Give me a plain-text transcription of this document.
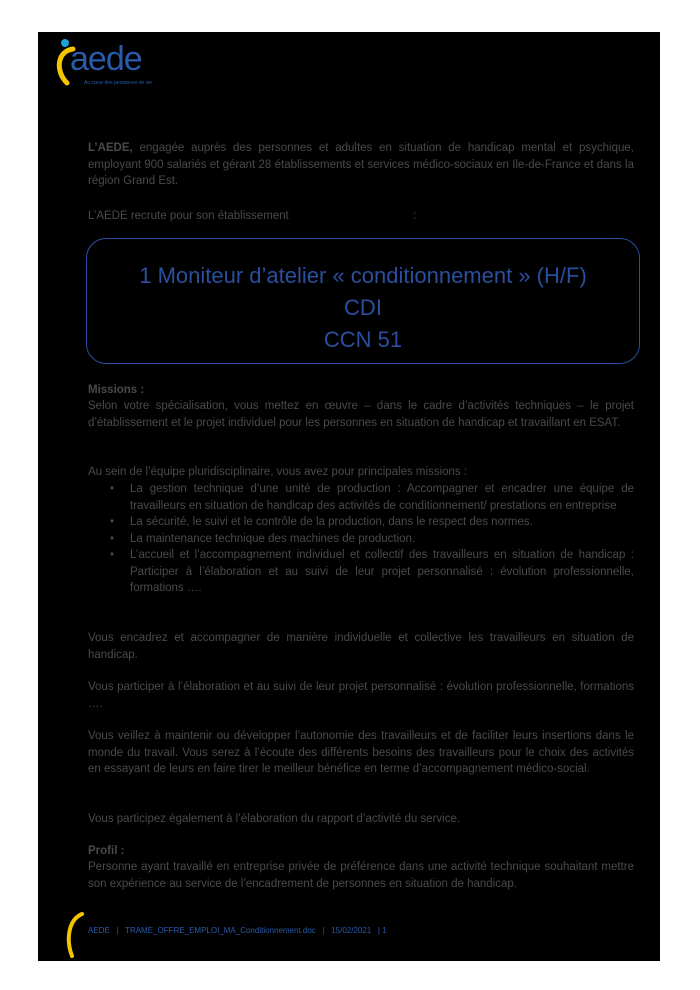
aede
Au cœur des personnes de vie
L’AEDE, engagée auprès des personnes et adultes en situation de handicap mental et psychique, employant 900 salariés et gérant 28 établissements et services médico-sociaux en Ile-de-France et dans la région Grand Est.
L’AEDE recrute pour son établissement	:
1 Moniteur d’atelier « conditionnement » (H/F)
CDI
CCN 51
Missions :
Selon votre spécialisation, vous mettez en œuvre – dans le cadre d’activités techniques – le projet d’établissement et le projet individuel pour les personnes en situation de handicap et travaillant en ESAT.
Au sein de l’équipe pluridisciplinaire, vous avez pour principales missions :
• La gestion technique d’une unité de production : Accompagner et encadrer une équipe de travailleurs en situation de handicap des activités de conditionnement/ prestations en entreprise
• La sécurité, le suivi et le contrôle de la production, dans le respect des normes.
• La maintenance technique des machines de production.
• L’accueil et l’accompagnement individuel et collectif des travailleurs en situation de handicap : Participer à l’élaboration et au suivi de leur projet personnalisé : évolution professionnelle, formations ….
Vous encadrez et accompagner de manière individuelle et collective les travailleurs en situation de handicap.
Vous participer à l’élaboration et au suivi de leur projet personnalisé : évolution professionnelle, formations ….
Vous veillez à maintenir ou développer l’autonomie des travailleurs et de faciliter leurs insertions dans le monde du travail. Vous serez à l’écoute des différents besoins des travailleurs pour le choix des activités en essayant de leurs en faire tirer le meilleur bénéfice en terme d’accompagnement médico-social.
Vous participez également à l’élaboration du rapport d’activité du service.
Profil :
Personne ayant travaillé en entreprise privée de préférence dans une activité technique souhaitant mettre son expérience au service de l’encadrement de personnes en situation de handicap.
AEDE   |   TRAME_OFFRE_EMPLOI_MA_Conditionnement.doc   |   15/02/2021   | 1
